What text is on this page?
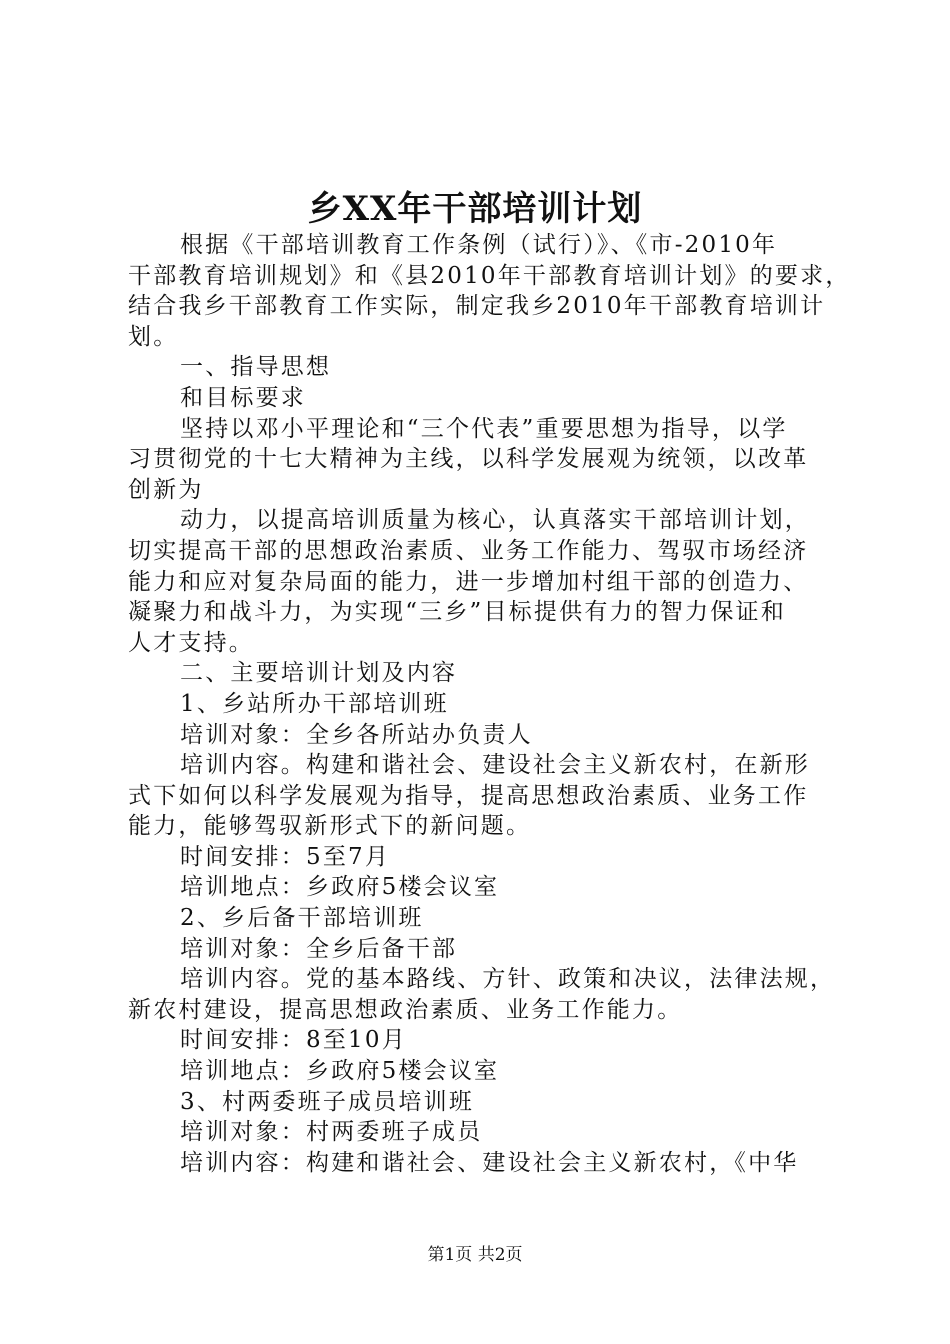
乡XX年干部培训计划
根据《干部培训教育工作条例（试行）》、《市-2010年
干部教育培训规划》和《县2010年干部教育培训计划》的要求，
结合我乡干部教育工作实际，制定我乡2010年干部教育培训计
划。
一、指导思想
和目标要求
坚持以邓小平理论和“三个代表”重要思想为指导，以学
习贯彻党的十七大精神为主线，以科学发展观为统领，以改革
创新为
动力，以提高培训质量为核心，认真落实干部培训计划，
切实提高干部的思想政治素质、业务工作能力、驾驭市场经济
能力和应对复杂局面的能力，进一步增加村组干部的创造力、
凝聚力和战斗力，为实现“三乡”目标提供有力的智力保证和
人才支持。
二、主要培训计划及内容
1、乡站所办干部培训班
培训对象：全乡各所站办负责人
培训内容。构建和谐社会、建设社会主义新农村，在新形
式下如何以科学发展观为指导，提高思想政治素质、业务工作
能力，能够驾驭新形式下的新问题。
时间安排：5至7月
培训地点：乡政府5楼会议室
2、乡后备干部培训班
培训对象：全乡后备干部
培训内容。党的基本路线、方针、政策和决议，法律法规，
新农村建设，提高思想政治素质、业务工作能力。
时间安排：8至10月
培训地点：乡政府5楼会议室
3、村两委班子成员培训班
培训对象：村两委班子成员
培训内容：构建和谐社会、建设社会主义新农村，《中华
第1页 共2页
